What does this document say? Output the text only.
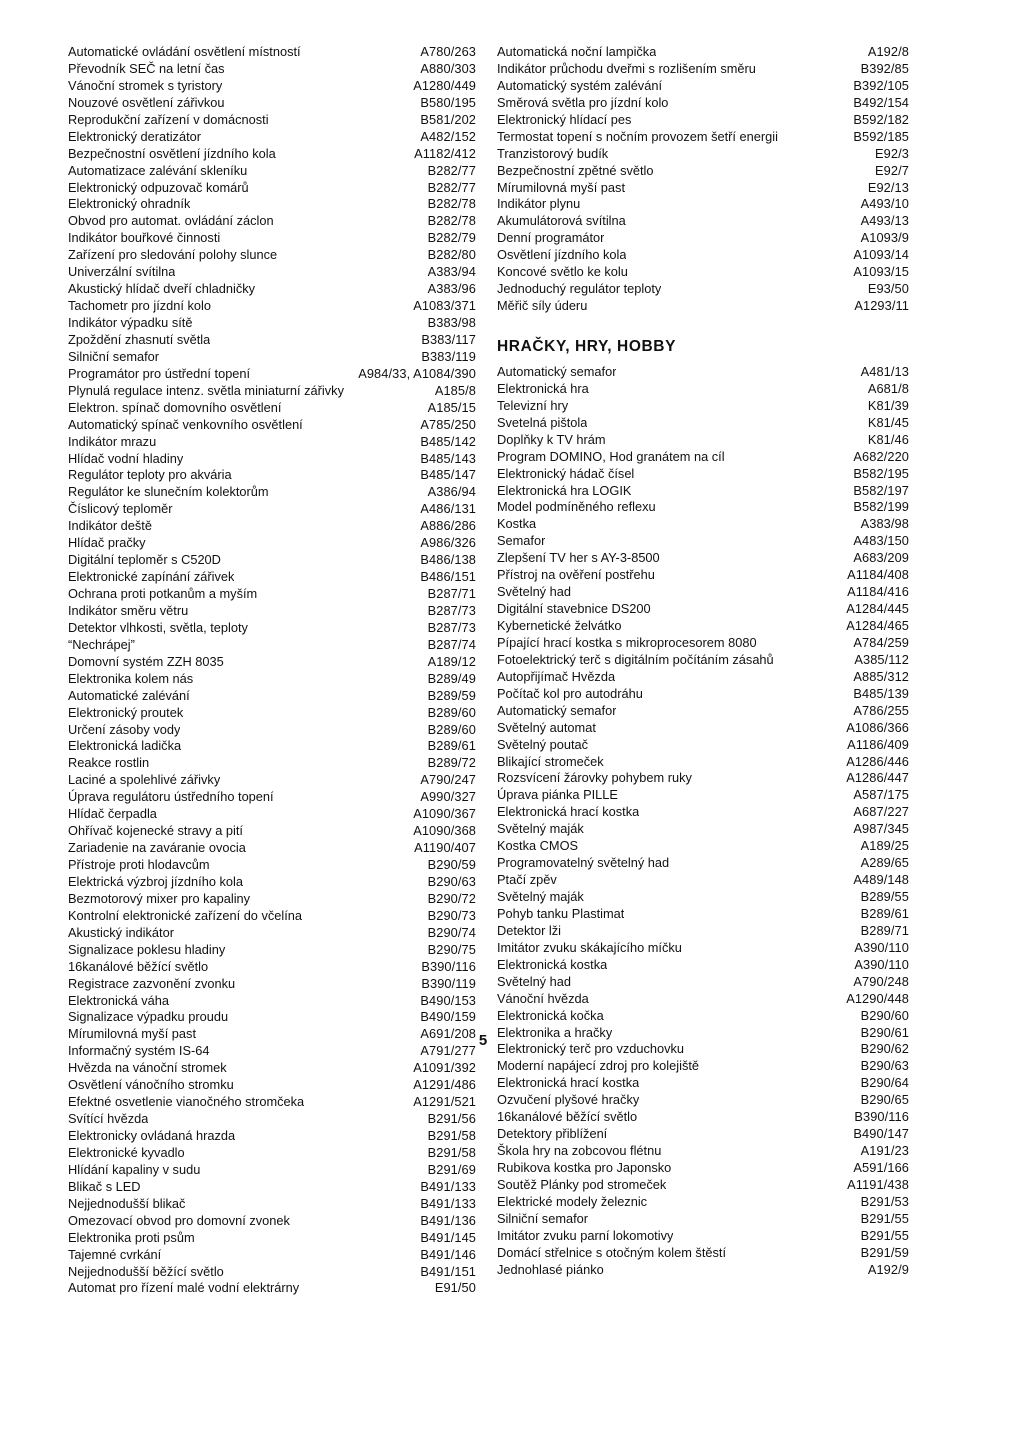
Automatické ovládání osvětlení místností	A780/263
Převodník SEČ na letní čas	A880/303
Vánoční stromek s tyristory	A1280/449
Nouzové osvětlení zářivkou	B580/195
Reprodukční zařízení v domácnosti	B581/202
Elektronický deratizátor	A482/152
Bezpečnostní osvětlení jízdního kola	A1182/412
Automatizace zalévání skleníku	B282/77
Elektronický odpuzovač komárů	B282/77
Elektronický ohradník	B282/78
Obvod pro automat. ovládání záclon	B282/78
Indikátor bouřkové činnosti	B282/79
Zařízení pro sledování polohy slunce	B282/80
Univerzální svítilna	A383/94
Akustický hlídač dveří chladničky	A383/96
Tachometr pro jízdní kolo	A1083/371
Indikátor výpadku sítě	B383/98
Zpoždění zhasnutí světla	B383/117
Silniční semafor	B383/119
Programátor pro ústřední topení	A984/33, A1084/390
Plynulá regulace intenz. světla miniaturní zářivky	A185/8
Elektron. spínač domovního osvětlení	A185/15
Automatický spínač venkovního osvětlení	A785/250
Indikátor mrazu	B485/142
Hlídač vodní hladiny	B485/143
Regulátor teploty pro akvária	B485/147
Regulátor ke slunečním kolektorům	A386/94
Číslicový teploměr	A486/131
Indikátor deště	A886/286
Hlídač pračky	A986/326
Digitální teploměr s C520D	B486/138
Elektronické zapínání zářivek	B486/151
Ochrana proti potkanům a myším	B287/71
Indikátor směru větru	B287/73
Detektor vlhkosti, světla, teploty	B287/73
“Nechrápej”	B287/74
Domovní systém ZZH 8035	A189/12
Elektronika kolem nás	B289/49
Automatické zalévání	B289/59
Elektronický proutek	B289/60
Určení zásoby vody	B289/60
Elektronická ladička	B289/61
Reakce rostlin	B289/72
Laciné a spolehlivé zářivky	A790/247
Úprava regulátoru ústředního topení	A990/327
Hlídač čerpadla	A1090/367
Ohřívač kojenecké stravy a pití	A1090/368
Zariadenie na zaváranie ovocia	A1190/407
Přístroje proti hlodavcům	B290/59
Elektrická výzbroj jízdního kola	B290/63
Bezmotorový mixer pro kapaliny	B290/72
Kontrolní elektronické zařízení do včelína	B290/73
Akustický indikátor	B290/74
Signalizace poklesu hladiny	B290/75
16kanálové běžící světlo	B390/116
Registrace zazvonění zvonku	B390/119
Elektronická váha	B490/153
Signalizace výpadku proudu	B490/159
Mírumilovná myší past	A691/208
Informačný systém IS-64	A791/277
Hvězda na vánoční stromek	A1091/392
Osvětlení vánočního stromku	A1291/486
Efektné osvetlenie vianočného stromčeka	A1291/521
Svítící hvězda	B291/56
Elektronicky ovládaná hrazda	B291/58
Elektronické kyvadlo	B291/58
Hlídání kapaliny v sudu	B291/69
Blikač s LED	B491/133
Nejjednodušší blikač	B491/133
Omezovací obvod pro domovní zvonek	B491/136
Elektronika proti psům	B491/145
Tajemné cvrkání	B491/146
Nejjednodušší běžící světlo	B491/151
Automat pro řízení malé vodní elektrárny	E91/50
Automatická noční lampička	A192/8
Indikátor průchodu dveřmi s rozlišením směru	B392/85
Automatický systém zalévání	B392/105
Směrová světla pro jízdní kolo	B492/154
Elektronický hlídací pes	B592/182
Termostat topení s nočním provozem šetří energii	B592/185
Tranzistorový budík	E92/3
Bezpečnostní zpětné světlo	E92/7
Mírumilovná myší past	E92/13
Indikátor plynu	A493/10
Akumulátorová svítilna	A493/13
Denní programátor	A1093/9
Osvětlení jízdního kola	A1093/14
Koncové světlo ke kolu	A1093/15
Jednoduchý regulátor teploty	E93/50
Měřič síly úderu	A1293/11
HRAČKY, HRY, HOBBY
Automatický semafor	A481/13
Elektronická hra	A681/8
Televizní hry	K81/39
Svetelná pištola	K81/45
Doplňky k TV hrám	K81/46
Program DOMINO, Hod granátem na cíl	A682/220
Elektronický hádač čísel	B582/195
Elektronická hra LOGIK	B582/197
Model podmíněného reflexu	B582/199
Kostka	A383/98
Semafor	A483/150
Zlepšení TV her s AY-3-8500	A683/209
Přístroj na ověření postřehu	A1184/408
Světelný had	A1184/416
Digitální stavebnice DS200	A1284/445
Kybernetické želvátko	A1284/465
Pípající hrací kostka s mikroprocesorem 8080	A784/259
Fotoelektrický terč s digitálním počítáním zásahů	A385/112
Autopřijímač Hvězda	A885/312
Počítač kol pro autodráhu	B485/139
Automatický semafor	A786/255
Světelný automat	A1086/366
Světelný poutač	A1186/409
Blikající stromeček	A1286/446
Rozsvícení žárovky pohybem ruky	A1286/447
Úprava piánka PILLE	A587/175
Elektronická hrací kostka	A687/227
Světelný maják	A987/345
Kostka CMOS	A189/25
Programovatelný světelný had	A289/65
Ptačí zpěv	A489/148
Světelný maják	B289/55
Pohyb tanku Plastimat	B289/61
Detektor lži	B289/71
Imitátor zvuku skákajícího míčku	A390/110
Elektronická kostka	A390/110
Světelný had	A790/248
Vánoční hvězda	A1290/448
Elektronická kočka	B290/60
Elektronika a hračky	B290/61
Elektronický terč pro vzduchovku	B290/62
Moderní napájecí zdroj pro kolejiště	B290/63
Elektronická hrací kostka	B290/64
Ozvučení plyšové hračky	B290/65
16kanálové běžící světlo	B390/116
Detektory přiblížení	B490/147
Škola hry na zobcovou flétnu	A191/23
Rubikova kostka pro Japonsko	A591/166
Soutěž Plánky pod stromeček	A1191/438
Elektrické modely železnic	B291/53
Silniční semafor	B291/55
Imitátor zvuku parní lokomotivy	B291/55
Domácí střelnice s otočným kolem štěstí	B291/59
Jednohlasé piánko	A192/9
5
